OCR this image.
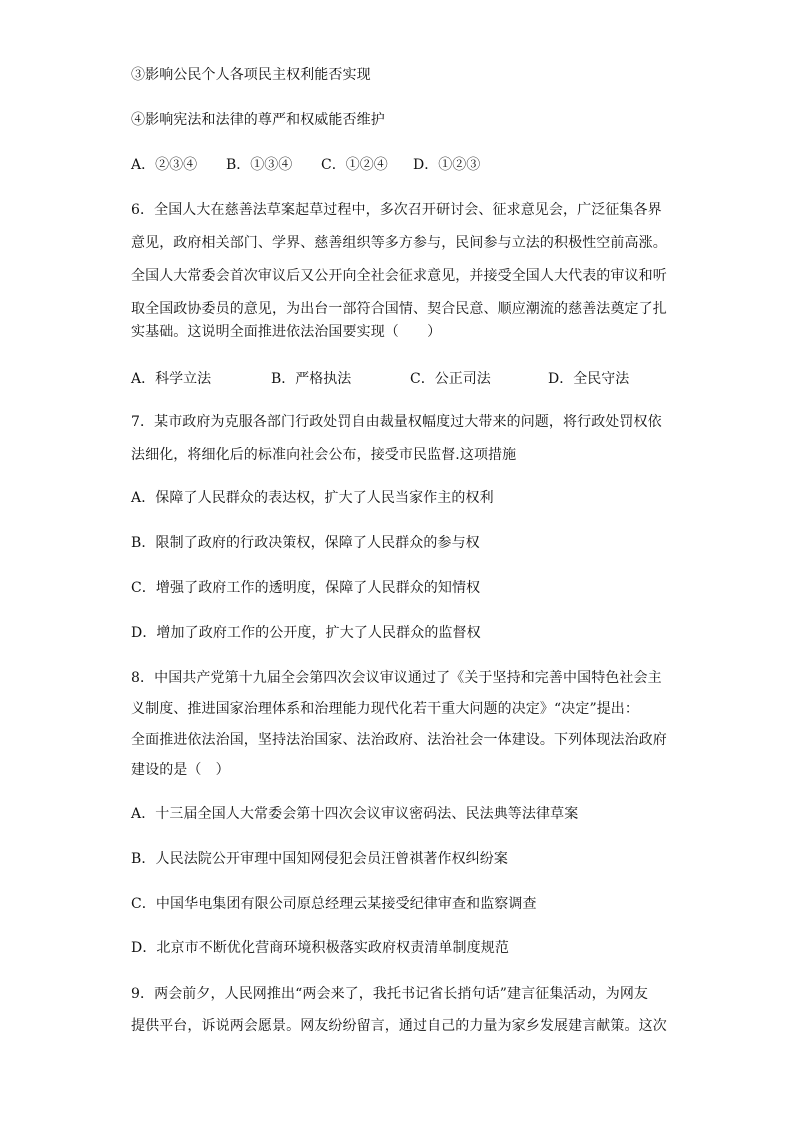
③影响公民个人各项民主权利能否实现
④影响宪法和法律的尊严和权威能否维护
A．②③④ B．①③④ C．①②④ D．①②③
6．全国人大在慈善法草案起草过程中，多次召开研讨会、征求意见会，广泛征集各界
意见，政府相关部门、学界、慈善组织等多方参与，民间参与立法的积极性空前高涨。
全国人大常委会首次审议后又公开向全社会征求意见，并接受全国人大代表的审议和听
取全国政协委员的意见，为出台一部符合国情、契合民意、顺应潮流的慈善法奠定了扎
实基础。这说明全面推进依法治国要实现（　　）
A．科学立法	B．严格执法	C．公正司法	D．全民守法
7．某市政府为克服各部门行政处罚自由裁量权幅度过大带来的问题，将行政处罚权依
法细化，将细化后的标准向社会公布，接受市民监督.这项措施
A．保障了人民群众的表达权，扩大了人民当家作主的权利
B．限制了政府的行政决策权，保障了人民群众的参与权
C．增强了政府工作的透明度，保障了人民群众的知情权
D．增加了政府工作的公开度，扩大了人民群众的监督权
8．中国共产党第十九届全会第四次会议审议通过了《关于坚持和完善中国特色社会主
义制度、推进国家治理体系和治理能力现代化若干重大问题的决定》“决定”提出：
全面推进依法治国，坚持法治国家、法治政府、法治社会一体建设。下列体现法治政府
建设的是（　）
A．十三届全国人大常委会第十四次会议审议密码法、民法典等法律草案
B．人民法院公开审理中国知网侵犯会员汪曾祺著作权纠纷案
C．中国华电集团有限公司原总经理云某接受纪律审查和监察调查
D．北京市不断优化营商环境积极落实政府权责清单制度规范
9．两会前夕，人民网推出“两会来了，我托书记省长捎句话”建言征集活动，为网友
提供平台，诉说两会愿景。网友纷纷留言，通过自己的力量为家乡发展建言献策。这次
